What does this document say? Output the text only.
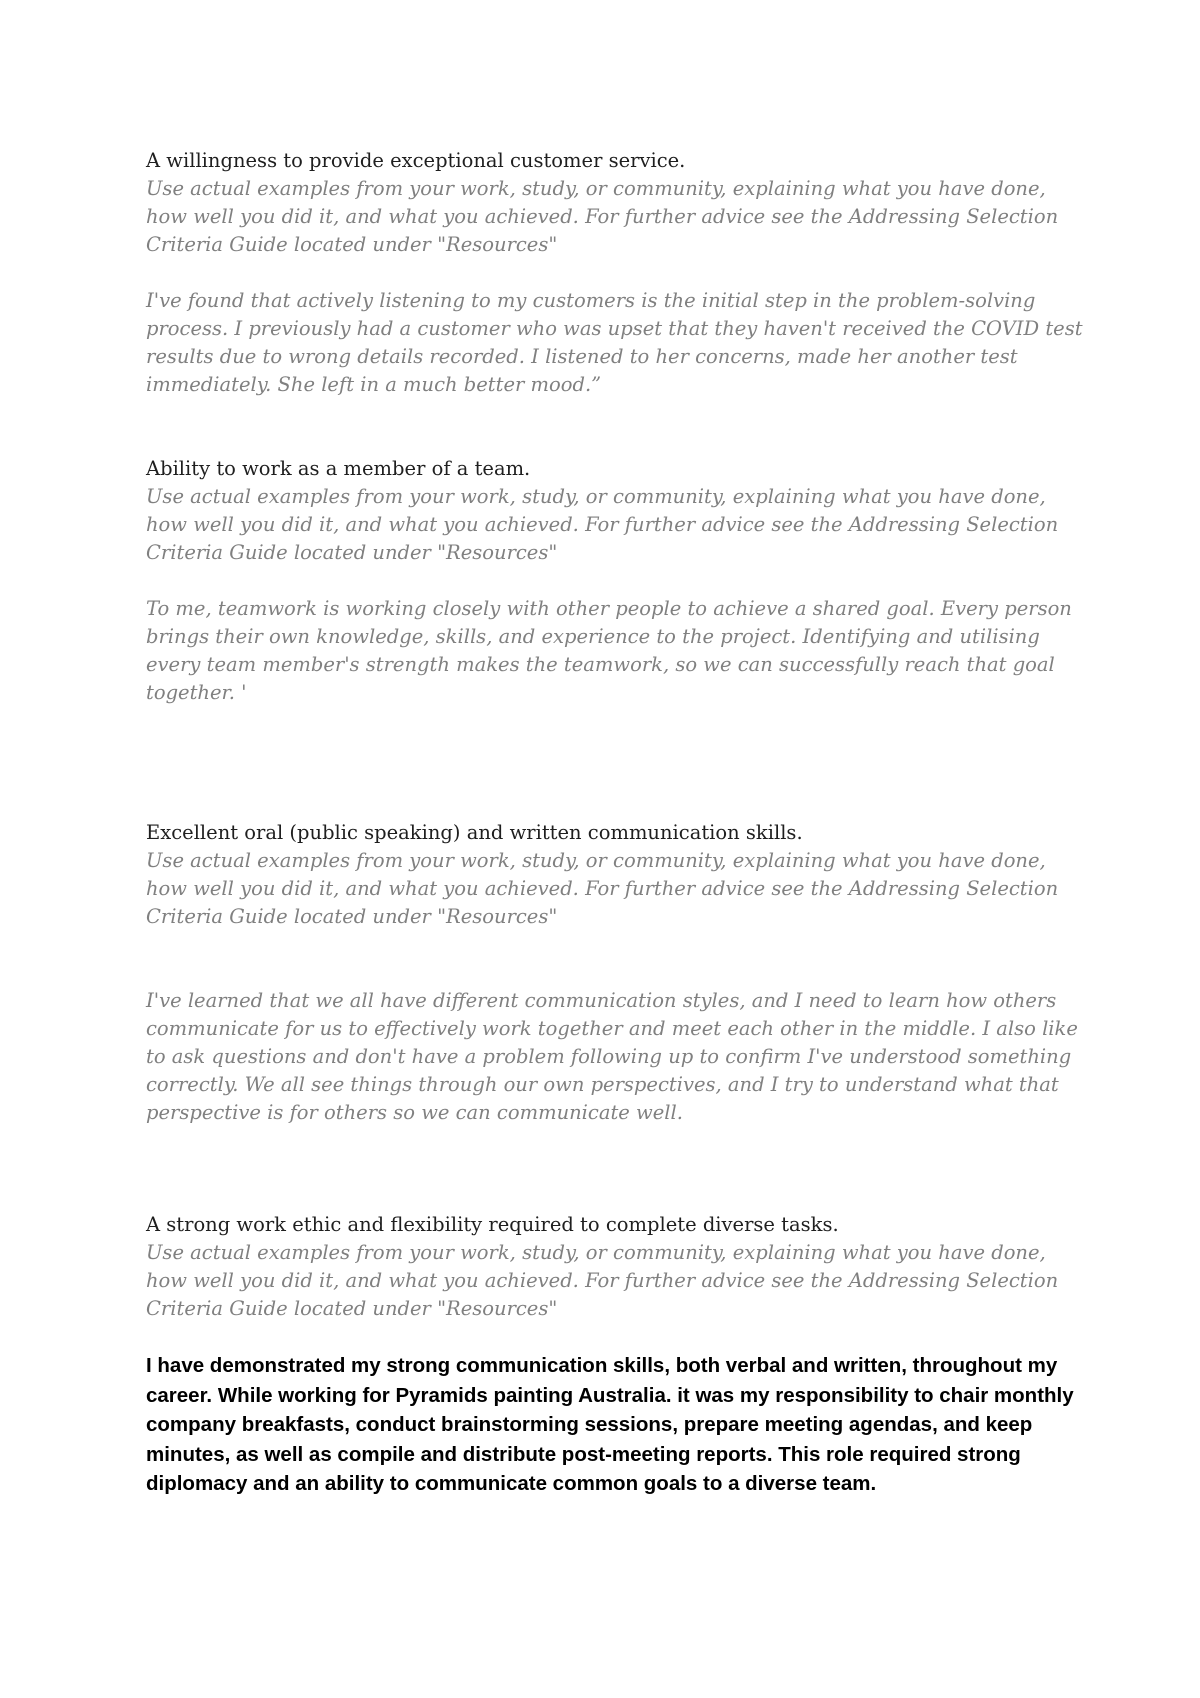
A willingness to provide exceptional customer service.

Use actual examples from your work, study, or community, explaining what you have done, how well you did it, and what you achieved. For further advice see the Addressing Selection Criteria Guide located under "Resources"

I've found that actively listening to my customers is the initial step in the problem-solving process. I previously had a customer who was upset that they haven't received the COVID test results due to wrong details recorded. I listened to her concerns, made her another test immediately. She left in a much better mood.”

Ability to work as a member of a team.

Use actual examples from your work, study, or community, explaining what you have done, how well you did it, and what you achieved. For further advice see the Addressing Selection Criteria Guide located under "Resources"

To me, teamwork is working closely with other people to achieve a shared goal. Every person brings their own knowledge, skills, and experience to the project. Identifying and utilising every team member's strength makes the teamwork, so we can successfully reach that goal together. '

Excellent oral (public speaking) and written communication skills.

Use actual examples from your work, study, or community, explaining what you have done, how well you did it, and what you achieved. For further advice see the Addressing Selection Criteria Guide located under "Resources"

I've learned that we all have different communication styles, and I need to learn how others communicate for us to effectively work together and meet each other in the middle. I also like to ask questions and don't have a problem following up to confirm I've understood something correctly. We all see things through our own perspectives, and I try to understand what that perspective is for others so we can communicate well.

A strong work ethic and flexibility required to complete diverse tasks.

Use actual examples from your work, study, or community, explaining what you have done, how well you did it, and what you achieved. For further advice see the Addressing Selection Criteria Guide located under "Resources"

I have demonstrated my strong communication skills, both verbal and written, throughout my career. While working for Pyramids painting Australia. it was my responsibility to chair monthly company breakfasts, conduct brainstorming sessions, prepare meeting agendas, and keep minutes, as well as compile and distribute post-meeting reports. This role required strong diplomacy and an ability to communicate common goals to a diverse team.
